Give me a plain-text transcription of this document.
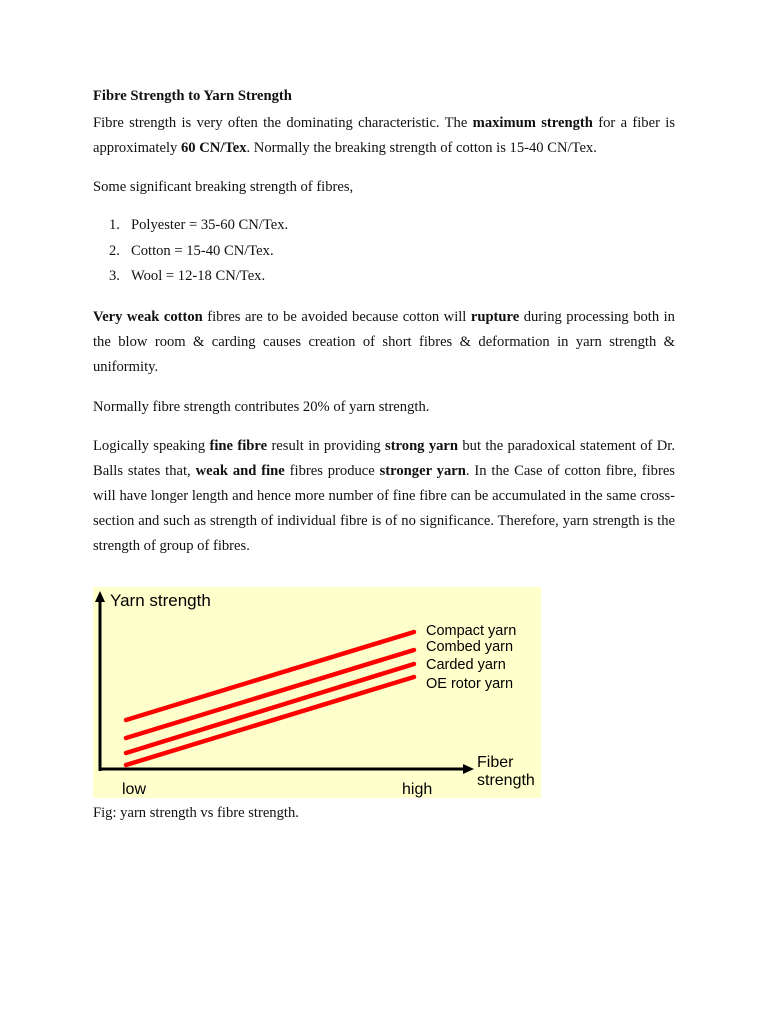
Fibre Strength to Yarn Strength

Fibre strength is very often the dominating characteristic. The maximum strength for a fiber is approximately 60 CN/Tex. Normally the breaking strength of cotton is 15-40 CN/Tex.

Some significant breaking strength of fibres,

1. Polyester = 35-60 CN/Tex.
2. Cotton = 15-40 CN/Tex.
3. Wool = 12-18 CN/Tex.

Very weak cotton fibres are to be avoided because cotton will rupture during processing both in the blow room & carding causes creation of short fibres & deformation in yarn strength & uniformity.

Normally fibre strength contributes 20% of yarn strength.

Logically speaking fine fibre result in providing strong yarn but the paradoxical statement of Dr. Balls states that, weak and fine fibres produce stronger yarn. In the Case of cotton fibre, fibres will have longer length and hence more number of fine fibre can be accumulated in the same cross-section and such as strength of individual fibre is of no significance. Therefore, yarn strength is the strength of group of fibres.

Yarn strength
Compact yarn
Combed yarn
Carded yarn
OE rotor yarn
Fiber
strength
low	high

Fig: yarn strength vs fibre strength.
